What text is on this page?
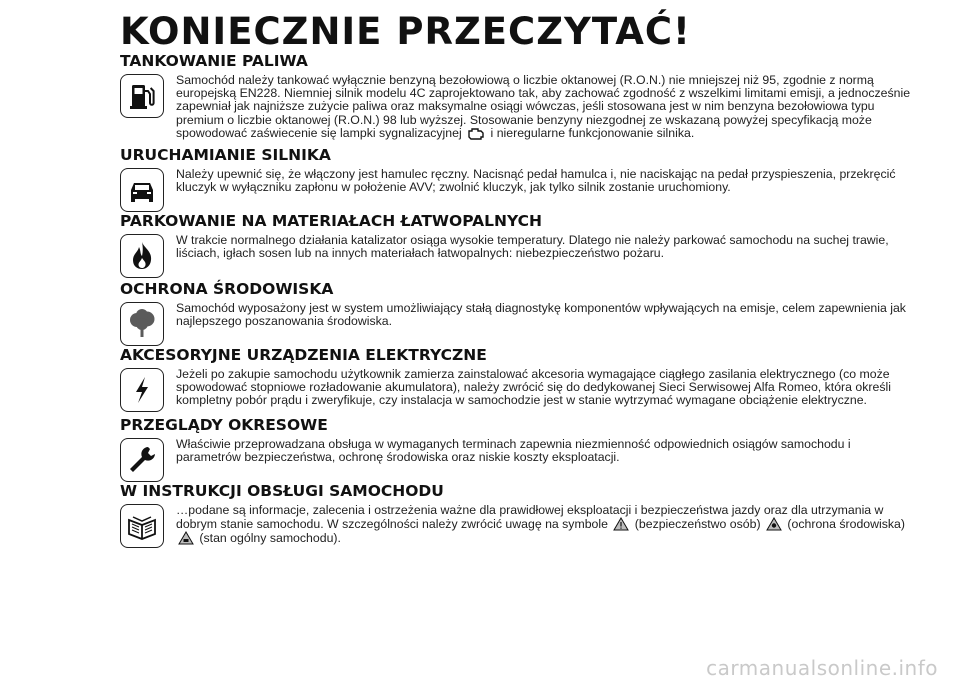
KONIECZNIE PRZECZYTAĆ!
TANKOWANIE PALIWA

Samochód należy tankować wyłącznie benzyną bezołowiową o liczbie oktanowej (R.O.N.) nie mniejszej niż 95, zgodnie z normą europejską EN228. Niemniej silnik modelu 4C zaprojektowano tak, aby zachować zgodność z wszelkimi limitami emisji, a jednocześnie zapewniał jak najniższe zużycie paliwa oraz maksymalne osiągi wówczas, jeśli stosowana jest w nim benzyna bezołowiowa typu premium o liczbie oktanowej (R.O.N.) 98 lub wyższej. Stosowanie benzyny niezgodnej ze wskazaną powyżej specyfikacją może spowodować zaświecenie się lampki sygnalizacyjnej i nieregularne funkcjonowanie silnika.

URUCHAMIANIE SILNIKA

Należy upewnić się, że włączony jest hamulec ręczny. Nacisnąć pedał hamulca i, nie naciskając na pedał przyspieszenia, przekręcić kluczyk w wyłączniku zapłonu w położenie AVV; zwolnić kluczyk, jak tylko silnik zostanie uruchomiony.

PARKOWANIE NA MATERIAŁACH ŁATWOPALNYCH

W trakcie normalnego działania katalizator osiąga wysokie temperatury. Dlatego nie należy parkować samochodu na suchej trawie, liściach, igłach sosen lub na innych materiałach łatwopalnych: niebezpieczeństwo pożaru.

OCHRONA ŚRODOWISKA

Samochód wyposażony jest w system umożliwiający stałą diagnostykę komponentów wpływających na emisje, celem zapewnienia jak najlepszego poszanowania środowiska.

AKCESORYJNE URZĄDZENIA ELEKTRYCZNE

Jeżeli po zakupie samochodu użytkownik zamierza zainstalować akcesoria wymagające ciągłego zasilania elektrycznego (co może spowodować stopniowe rozładowanie akumulatora), należy zwrócić się do dedykowanej Sieci Serwisowej Alfa Romeo, która określi kompletny pobór prądu i zweryfikuje, czy instalacja w samochodzie jest w stanie wytrzymać wymagane obciążenie elektryczne.

PRZEGLĄDY OKRESOWE

Właściwie przeprowadzana obsługa w wymaganych terminach zapewnia niezmienność odpowiednich osiągów samochodu i parametrów bezpieczeństwa, ochronę środowiska oraz niskie koszty eksploatacji.

W INSTRUKCJI OBSŁUGI SAMOCHODU

…podane są informacje, zalecenia i ostrzeżenia ważne dla prawidłowej eksploatacji i bezpieczeństwa jazdy oraz dla utrzymania w dobrym stanie samochodu. W szczególności należy zwrócić uwagę na symbole (bezpieczeństwo osób) (ochrona środowiska)
(stan ogólny samochodu).

carmanualsonline.info
